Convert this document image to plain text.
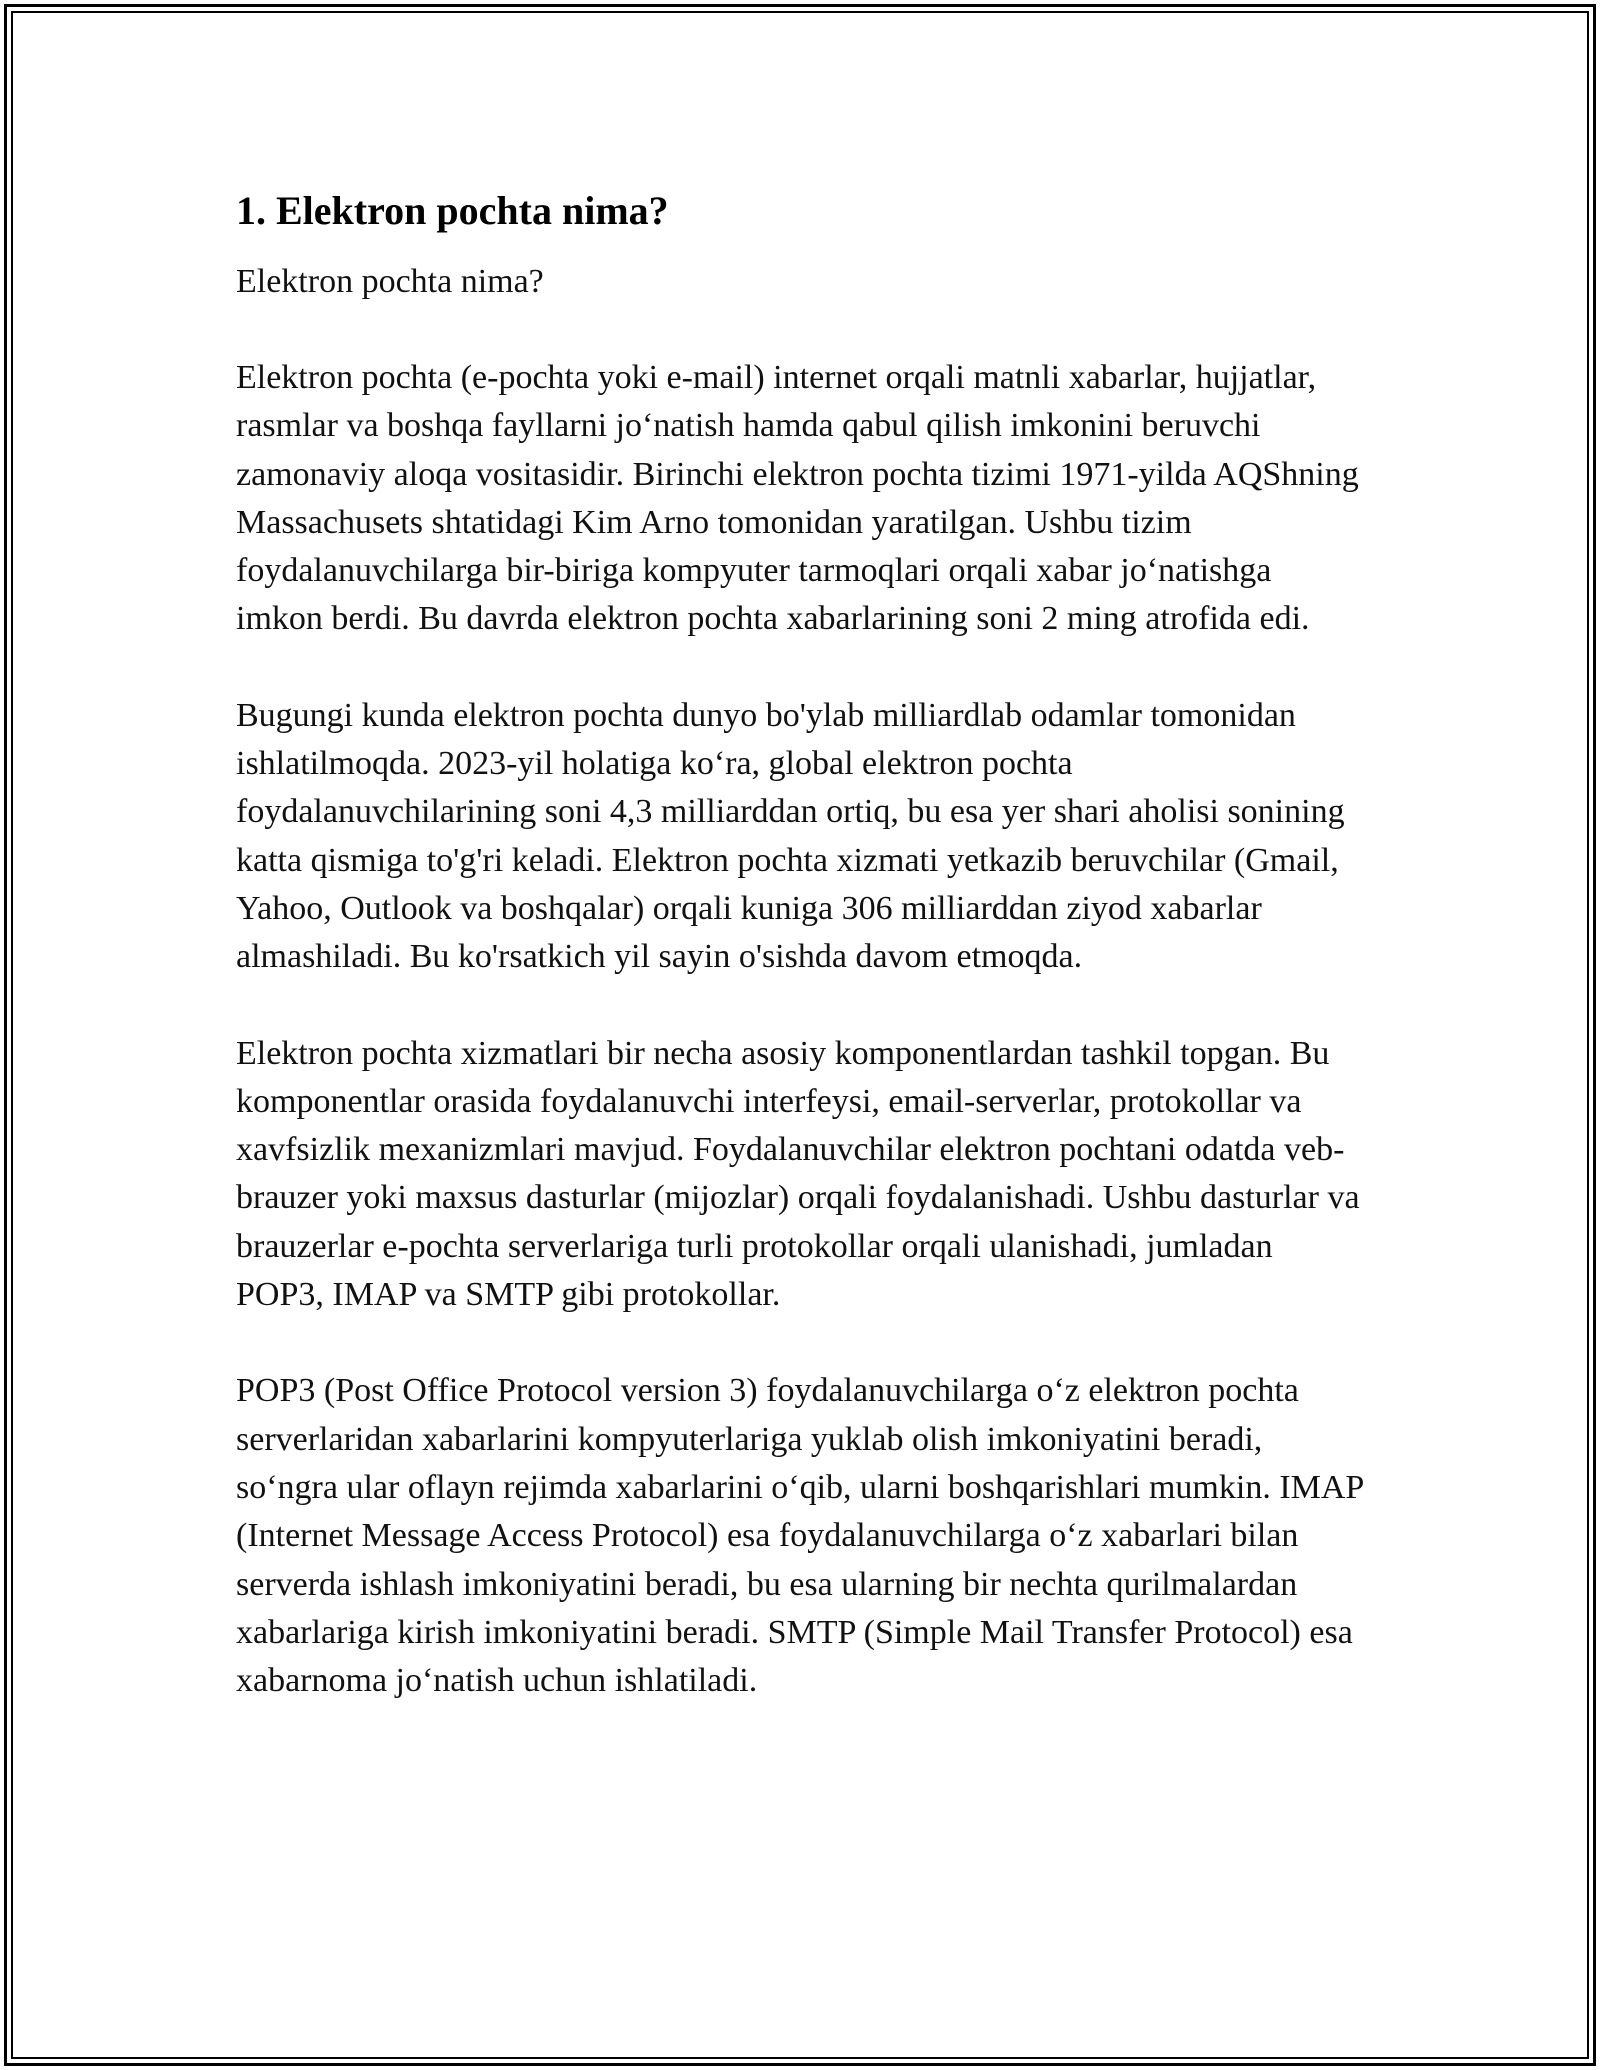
1. Elektron pochta nima?

Elektron pochta nima?

Elektron pochta (e-pochta yoki e-mail) internet orqali matnli xabarlar, hujjatlar, rasmlar va boshqa fayllarni jo‘natish hamda qabul qilish imkonini beruvchi zamonaviy aloqa vositasidir. Birinchi elektron pochta tizimi 1971-yilda AQShning Massachusets shtatidagi Kim Arno tomonidan yaratilgan. Ushbu tizim foydalanuvchilarga bir-biriga kompyuter tarmoqlari orqali xabar jo‘natishga imkon berdi. Bu davrda elektron pochta xabarlarining soni 2 ming atrofida edi.

Bugungi kunda elektron pochta dunyo bo'ylab milliardlab odamlar tomonidan ishlatilmoqda. 2023-yil holatiga ko‘ra, global elektron pochta foydalanuvchilarining soni 4,3 milliarddan ortiq, bu esa yer shari aholisi sonining katta qismiga to'g'ri keladi. Elektron pochta xizmati yetkazib beruvchilar (Gmail, Yahoo, Outlook va boshqalar) orqali kuniga 306 milliarddan ziyod xabarlar almashiladi. Bu ko'rsatkich yil sayin o'sishda davom etmoqda.

Elektron pochta xizmatlari bir necha asosiy komponentlardan tashkil topgan. Bu komponentlar orasida foydalanuvchi interfeysi, email-serverlar, protokollar va xavfsizlik mexanizmlari mavjud. Foydalanuvchilar elektron pochtani odatda veb-brauzer yoki maxsus dasturlar (mijozlar) orqali foydalanishadi. Ushbu dasturlar va brauzerlar e-pochta serverlariga turli protokollar orqali ulanishadi, jumladan POP3, IMAP va SMTP gibi protokollar.

POP3 (Post Office Protocol version 3) foydalanuvchilarga o‘z elektron pochta serverlaridan xabarlarini kompyuterlariga yuklab olish imkoniyatini beradi, so‘ngra ular oflayn rejimda xabarlarini o‘qib, ularni boshqarishlari mumkin. IMAP (Internet Message Access Protocol) esa foydalanuvchilarga o‘z xabarlari bilan serverda ishlash imkoniyatini beradi, bu esa ularning bir nechta qurilmalardan xabarlariga kirish imkoniyatini beradi. SMTP (Simple Mail Transfer Protocol) esa xabarnoma jo‘natish uchun ishlatiladi.
